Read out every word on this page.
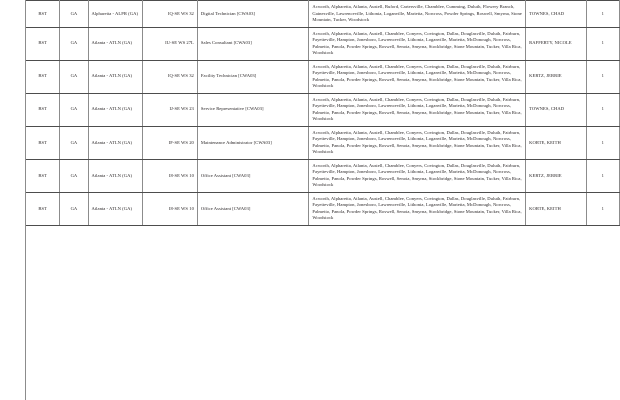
BST	GA	Alpharetta - ALPR (GA)	IQ-SE WS 32	Digital Technician [CWA03]	Acworth, Alpharetta, Atlanta, Austell, Buford, Cartersville, Chamblee, Cumming, Duluth, Flowery Branch, Gainesville, Lawrenceville, Lithonia, Loganville, Marietta, Norcross, Powder Springs, Roswell, Smyrna, Stone Mountain, Tucker, Woodstock	TOWNES, CHAD	1
BST	GA	Atlanta - ATLN (GA)	IU-SE WS 27L	Sales Consultant [CWA03]	Acworth, Alpharetta, Atlanta, Austell, Chamblee, Conyers, Covington, Dallas, Douglasville, Duluth, Fairburn, Fayetteville, Hampton, Jonesboro, Lawrenceville, Lithonia, Loganville, Marietta, McDonough, Norcross, Palmetto, Panola, Powder Springs, Roswell, Senoia, Smyrna, Stockbridge, Stone Mountain, Tucker, Villa Rica, Woodstock	RAFFERTY, NICOLE	1
BST	GA	Atlanta - ATLN (GA)	IQ-SE WS 32	Facility Technician [CWA03]	Acworth, Alpharetta, Atlanta, Austell, Chamblee, Conyers, Covington, Dallas, Douglasville, Duluth, Fairburn, Fayetteville, Hampton, Jonesboro, Lawrenceville, Lithonia, Loganville, Marietta, McDonough, Norcross, Palmetto, Panola, Powder Springs, Roswell, Senoia, Smyrna, Stockbridge, Stone Mountain, Tucker, Villa Rica, Woodstock	KERTZ, JERRIE	1
BST	GA	Atlanta - ATLN (GA)	IJ-SE WS 23	Service Representative [CWA03]	Acworth, Alpharetta, Atlanta, Austell, Chamblee, Conyers, Covington, Dallas, Douglasville, Duluth, Fairburn, Fayetteville, Hampton, Jonesboro, Lawrenceville, Lithonia, Loganville, Marietta, McDonough, Norcross, Palmetto, Panola, Powder Springs, Roswell, Senoia, Smyrna, Stockbridge, Stone Mountain, Tucker, Villa Rica, Woodstock	TOWNES, CHAD	1
BST	GA	Atlanta - ATLN (GA)	IF-SE WS 20	Maintenance Administrator [CWA03]	Acworth, Alpharetta, Atlanta, Austell, Chamblee, Conyers, Covington, Dallas, Douglasville, Duluth, Fairburn, Fayetteville, Hampton, Jonesboro, Lawrenceville, Lithonia, Loganville, Marietta, McDonough, Norcross, Palmetto, Panola, Powder Springs, Roswell, Senoia, Smyrna, Stockbridge, Stone Mountain, Tucker, Villa Rica, Woodstock	KORTE, KEITH	1
BST	GA	Atlanta - ATLN (GA)	I8-SE WS 10	Office Assistant [CWA03]	Acworth, Alpharetta, Atlanta, Austell, Chamblee, Conyers, Covington, Dallas, Douglasville, Duluth, Fairburn, Fayetteville, Hampton, Jonesboro, Lawrenceville, Lithonia, Loganville, Marietta, McDonough, Norcross, Palmetto, Panola, Powder Springs, Roswell, Senoia, Smyrna, Stockbridge, Stone Mountain, Tucker, Villa Rica, Woodstock	KERTZ, JERRIE	1
BST	GA	Atlanta - ATLN (GA)	I8-SE WS 10	Office Assistant [CWA03]	Acworth, Alpharetta, Atlanta, Austell, Chamblee, Conyers, Covington, Dallas, Douglasville, Duluth, Fairburn, Fayetteville, Hampton, Jonesboro, Lawrenceville, Lithonia, Loganville, Marietta, McDonough, Norcross, Palmetto, Panola, Powder Springs, Roswell, Senoia, Smyrna, Stockbridge, Stone Mountain, Tucker, Villa Rica, Woodstock	KORTE, KEITH	1
